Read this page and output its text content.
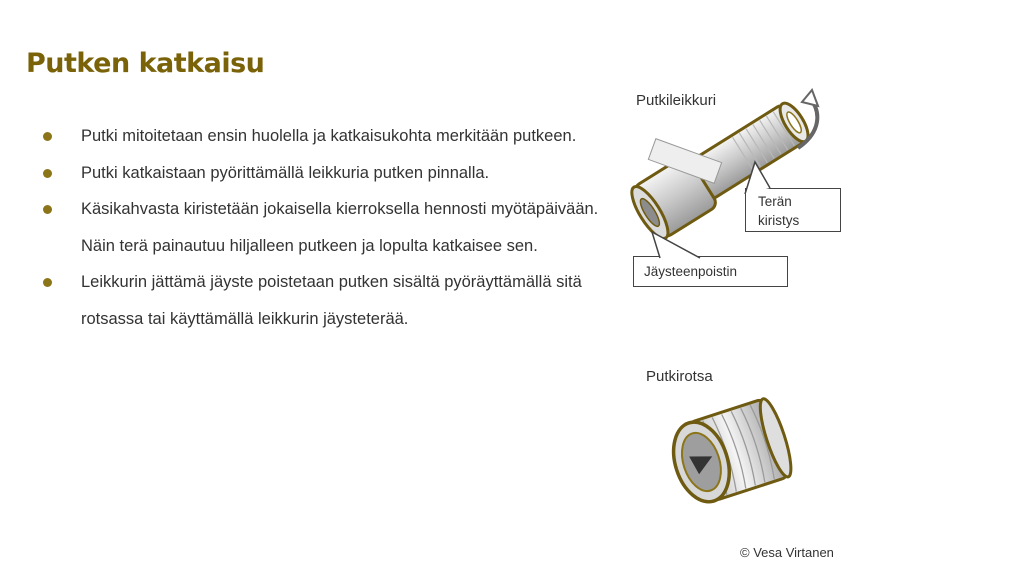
Putken katkaisu
Putki mitoitetaan ensin huolella ja katkaisukohta merkitään putkeen.
Putki katkaistaan pyörittämällä leikkuria putken pinnalla.
Käsikahvasta kiristetään jokaisella kierroksella hennosti myötäpäivään. Näin terä painautuu hiljalleen putkeen ja lopulta katkaisee sen.
Leikkurin jättämä jäyste poistetaan putken sisältä pyöräyttämällä sitä rotsassa tai käyttämällä leikkurin jäysteterää.
Putkileikkuri
Terän
kiristys
Jäysteenpoistin
Putkirotsa
© Vesa Virtanen
